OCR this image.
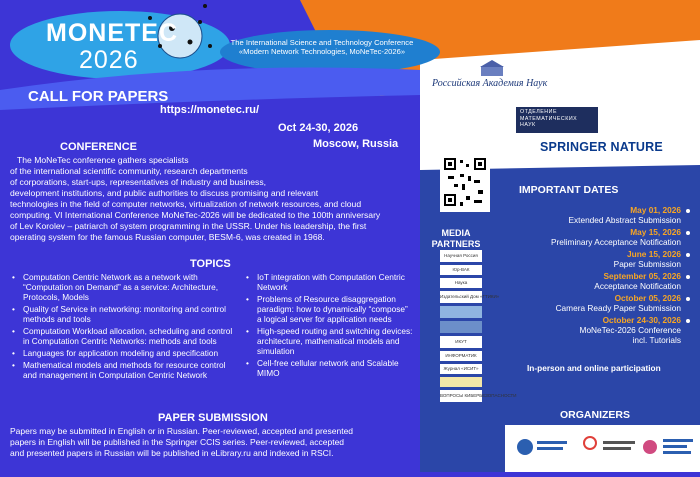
MONETEC
2026
The International Science and Technology Conference
«Modern Network Technologies, MoNeTec-2026»
CALL FOR PAPERS
https://monetec.ru/
Oct 24-30, 2026
Moscow, Russia
CONFERENCE

The MoNeTec conference gathers specialists

of the international scientific community, research departments

of corporations, start-ups, representatives of industry and business,

development institutions, and public authorities to discuss promising and relevant

technologies in the field of computer networks, virtualization of network resources, and cloud

computing. VI International Conference MoNeTec-2026 will be dedicated to the 100th anniversary

of Lev Korolev – patriarch of system programming in the USSR. Under his leadership, the first

operating system for the famous Russian computer, BESM-6, was created in 1968.

TOPICS
• Computation Centric Network as a network with “Computation on Demand” as a service: Architecture, Protocols, Models
• Quality of Service in networking: monitoring and control methods and tools
• Computation Workload allocation, scheduling and control in Computation Centric Networks: methods and tools
• Languages for application modeling and specification
• Mathematical models and methods for resource control and management in Computation Centric Network
• IoT integration with Computation Centric Network
• Problems of Resource disaggregation paradigm: how to dynamically “compose” a logical server for application needs
• High-speed routing and switching devices: architecture, mathematical models and simulation
• Cell-free cellular network and Scalable MIMO
PAPER SUBMISSION
Papers may be submitted in English or in Russian. Peer-reviewed, accepted and presented
papers in English will be published in the Springer CCIS series. Peer-reviewed, accepted
and presented papers in Russian will be published in eLibrary.ru and indexed in RSCI.
Российская Академия Наук
ОТДЕЛЕНИЕ
МАТЕМАТИЧЕСКИХ
НАУК
SPRINGER NATURE
MEDIA
PARTNERS
Научная Россия
Юр-ВАК
Наука
Издательский Дом «ГТИКИ»
ИКУТ
ИНФОРМАТИК
Журнал «ИСИТ»
ВОПРОСЫ КИБЕРБЕЗОПАСНОСТИ
IMPORTANT DATES
May 01, 2026
Extended Abstract Submission
May 15, 2026
Preliminary Acceptance Notification
June 15, 2026
Paper Submission
September 05, 2026
Acceptance Notification
October 05, 2026
Camera Ready Paper Submission
October 24-30, 2026
MoNeTec-2026 Conference
incl. Tutorials
In-person and online participation
ORGANIZERS
